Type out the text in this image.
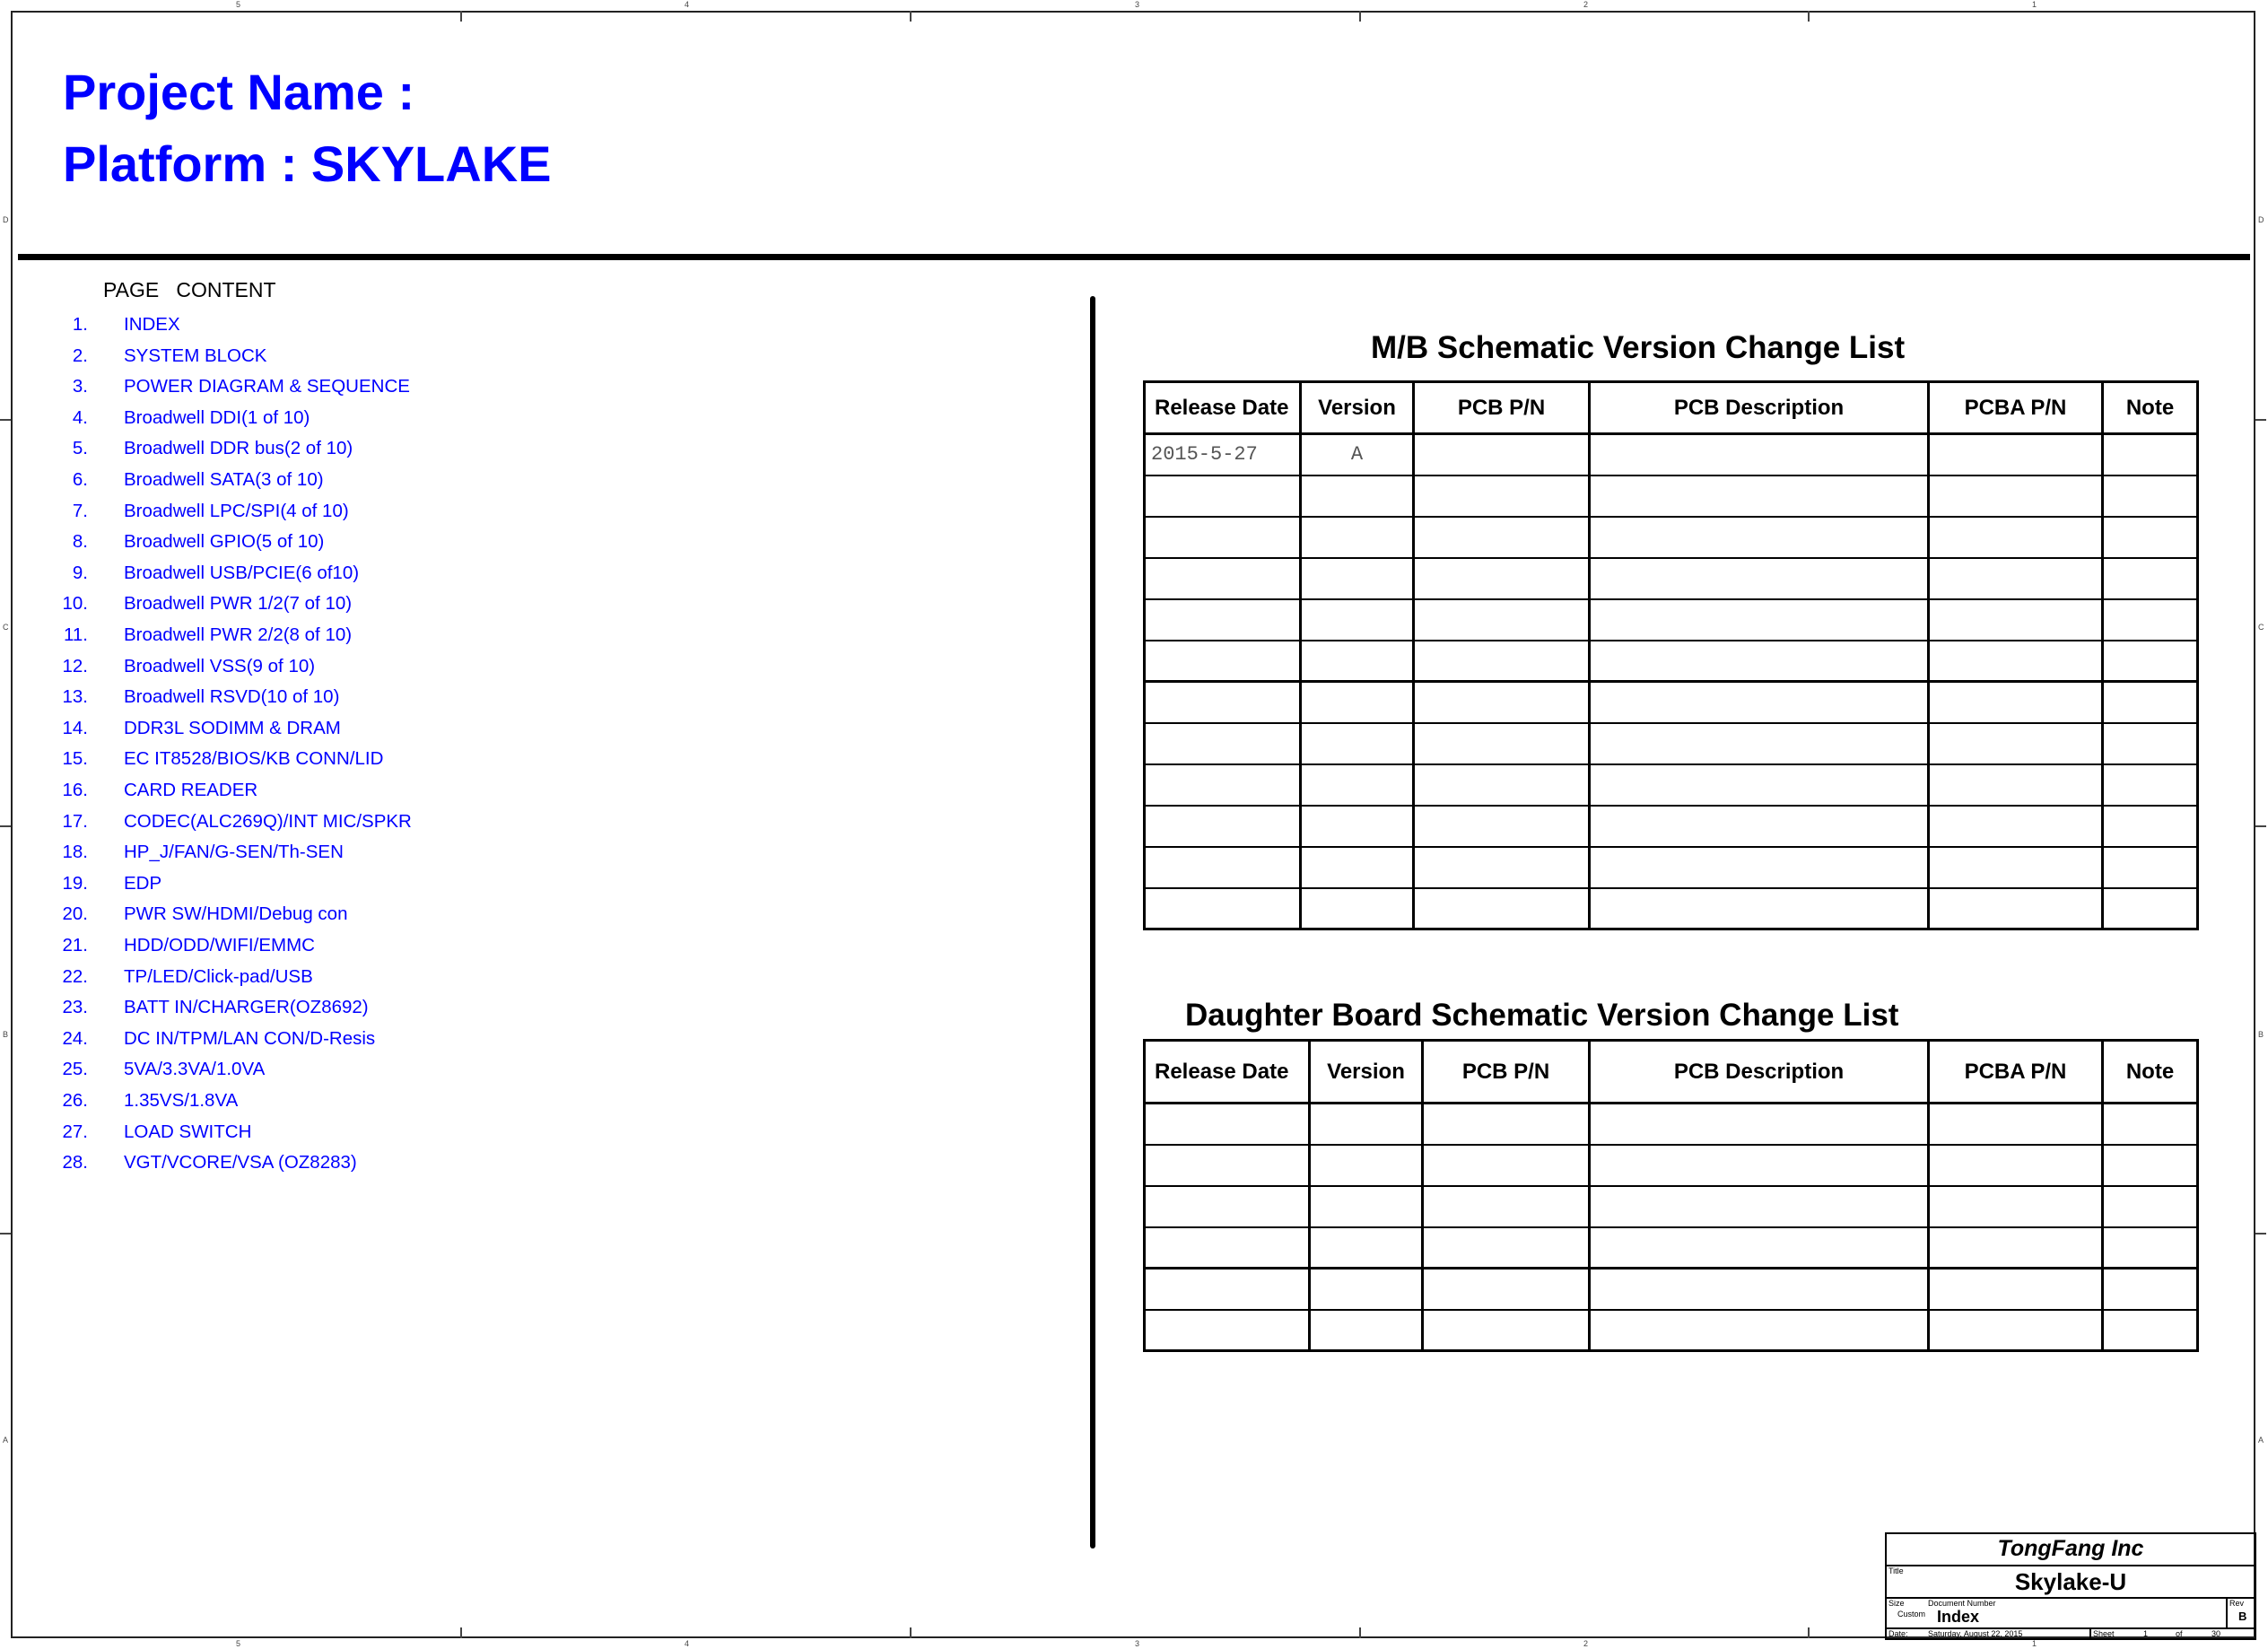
5
5
4
4
3
3
2
2
1
1
D	D
C	C
B	B
A	A
Project Name :
Platform : SKYLAKE
PAGE   CONTENT
1. INDEX
2. SYSTEM BLOCK
3. POWER DIAGRAM & SEQUENCE
4. Broadwell DDI(1 of 10)
5. Broadwell DDR bus(2 of 10)
6. Broadwell SATA(3 of 10)
7. Broadwell LPC/SPI(4 of 10)
8. Broadwell GPIO(5 of 10)
9. Broadwell USB/PCIE(6 of10)
10. Broadwell PWR 1/2(7 of 10)
11. Broadwell PWR 2/2(8 of 10)
12. Broadwell VSS(9 of 10)
13. Broadwell RSVD(10 of 10)
14. DDR3L SODIMM & DRAM
15. EC IT8528/BIOS/KB CONN/LID
16. CARD READER
17. CODEC(ALC269Q)/INT MIC/SPKR
18. HP_J/FAN/G-SEN/Th-SEN
19. EDP
20. PWR SW/HDMI/Debug con
21. HDD/ODD/WIFI/EMMC
22. TP/LED/Click-pad/USB
23. BATT IN/CHARGER(OZ8692)
24. DC IN/TPM/LAN CON/D-Resis
25. 5VA/3.3VA/1.0VA
26. 1.35VS/1.8VA
27. LOAD SWITCH
28. VGT/VCORE/VSA (OZ8283)
M/B Schematic Version Change List
Release Date	Version	PCB P/N	PCB Description	PCBA P/N	Note
2015-5-27	A				

Daughter Board Schematic Version Change List
Release Date	Version	PCB P/N	PCB Description	PCBA P/N	Note

TongFang Inc
Title	Skylake-U
Size
Custom
Document Number
Index
Rev
B
Date: Saturday, August 22, 2015	Sheet	1	of	30
